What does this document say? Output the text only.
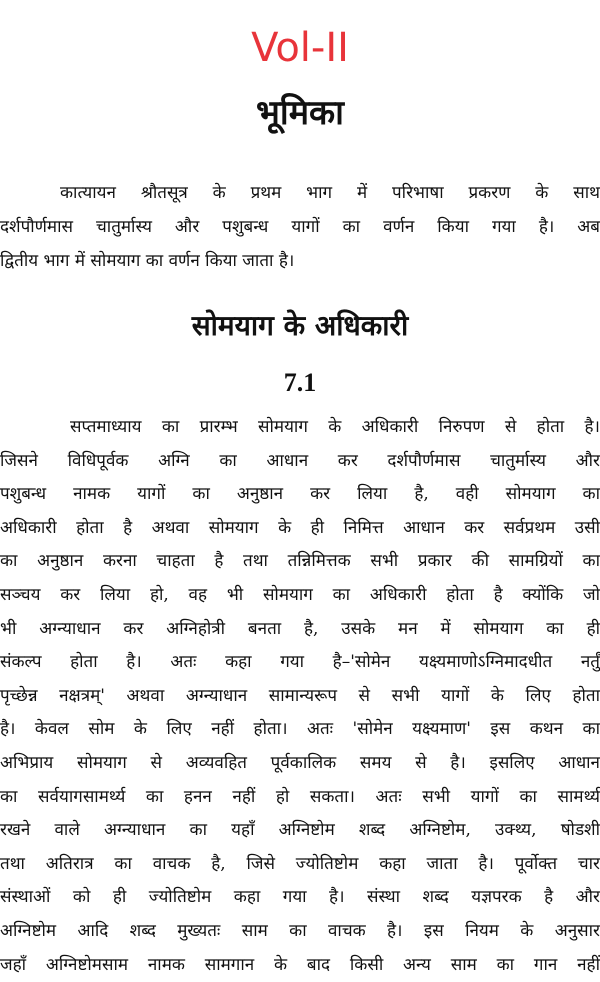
Vol-II
भूमिका
कात्यायन श्रौतसूत्र के प्रथम भाग में परिभाषा प्रकरण के साथ
दर्शपौर्णमास चातुर्मास्य और पशुबन्ध यागों का वर्णन किया गया है। अब
द्वितीय भाग में सोमयाग का वर्णन किया जाता है।
सोमयाग के अधिकारी
7.1
सप्तमाध्याय का प्रारम्भ सोमयाग के अधिकारी निरुपण से होता है।
जिसने विधिपूर्वक अग्नि का आधान कर दर्शपौर्णमास चातुर्मास्य और
पशुबन्ध नामक यागों का अनुष्ठान कर लिया है, वही सोमयाग का
अधिकारी होता है अथवा सोमयाग के ही निमित्त आधान कर सर्वप्रथम उसी
का अनुष्ठान करना चाहता है तथा तन्निमित्तक सभी प्रकार की सामग्रियों का
सञ्चय कर लिया हो, वह भी सोमयाग का अधिकारी होता है क्योंकि जो
भी अग्न्याधान कर अग्निहोत्री बनता है, उसके मन में सोमयाग का ही
संकल्प होता है। अतः कहा गया है–'सोमेन यक्ष्यमाणोऽग्निमादधीत नर्तुं
पृच्छेन्न नक्षत्रम्' अथवा अग्न्याधान सामान्यरूप से सभी यागों के लिए होता
है। केवल सोम के लिए नहीं होता। अतः 'सोमेन यक्ष्यमाण' इस कथन का
अभिप्राय सोमयाग से अव्यवहित पूर्वकालिक समय से है। इसलिए आधान
का सर्वयागसामर्थ्य का हनन नहीं हो सकता। अतः सभी यागों का सामर्थ्य
रखने वाले अग्न्याधान का यहाँ अग्निष्टोम शब्द अग्निष्टोम, उक्थ्य, षोडशी
तथा अतिरात्र का वाचक है, जिसे ज्योतिष्टोम कहा जाता है। पूर्वोक्त चार
संस्थाओं को ही ज्योतिष्टोम कहा गया है। संस्था शब्द यज्ञपरक है और
अग्निष्टोम आदि शब्द मुख्यतः साम का वाचक है। इस नियम के अनुसार
जहाँ अग्निष्टोमसाम नामक सामगान के बाद किसी अन्य साम का गान नहीं
